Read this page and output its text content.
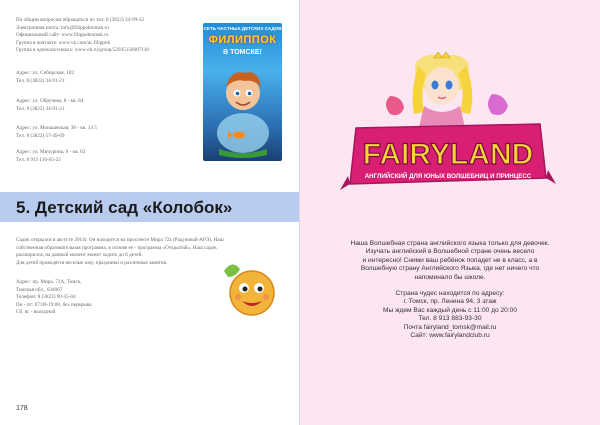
По общим вопросам обращаться по тел: 8 (3822) 34-99-22
Электронная почта: info@filippoktomsk.ru
Официальный сайт: www.filippoktomsk.ru
Группа в контакте: www.vk.com/ac.filippok
Группа в одноклассниках: www.ok.ru/group/52935156687118
Адрес: ул. Сибирская, 102
Тел. 8 (3822) 34-91-21
Адрес: ул. Обручева, 8 - кв. 84
Тел. 8 (3822) 34-91-21
Адрес: ул. Мокшанская, 38 - кв. 14 5
Тел. 8 (3822) 57-49-69
Адрес: ул. Мичурина, 9 - кв. 62
Тел. 8 913 116-65-22
СЕТЬ ЧАСТНЫХ ДЕТСКИХ САДОВ
ФИЛИППОК
В ТОМСКЕ!
5. Детский сад «Колобок»
Садик открылся в августе 2014г. Он находится на проспекте Мира 72а (Радужный-АРЭ). Наш
собственная образовательная программа, в основе ее - программа «Открытий». Наш садик
расширился, на данный момент может ходить до 8 детей.
Для детей проводятся веселые шоу, праздники и различные занятия.
Адрес: пр. Мира, 72А, Томск,
Томская обл., 634067
Телефон: 8 (3822) 90-35-04
Пн - пт: 07:00-19:00, без перерыва
Сб, вс - выходной
178
FAIRYLAND
АНГЛИЙСКИЙ ДЛЯ ЮНЫХ ВОЛШЕБНИЦ И ПРИНЦЕСС
Наша Волшебная страна английского языка только для девочек.
Изучать английский в Волшебной стране очень весело
и интересно! Сними ваш ребёнок попадет не в класс, а в
Волшебную страну Английского Языка, где нет ничего что
напоминало бы школе.
Страна чудес находится по адресу:
г. Томск, пр. Ленина 94, 3 этаж
Мы ждем Вас каждый день с 11:00 до 20:00
Тел. 8 913 883-93-30
Почта fairyland_tomsk@mail.ru
Сайт: www.fairylandclub.ru
